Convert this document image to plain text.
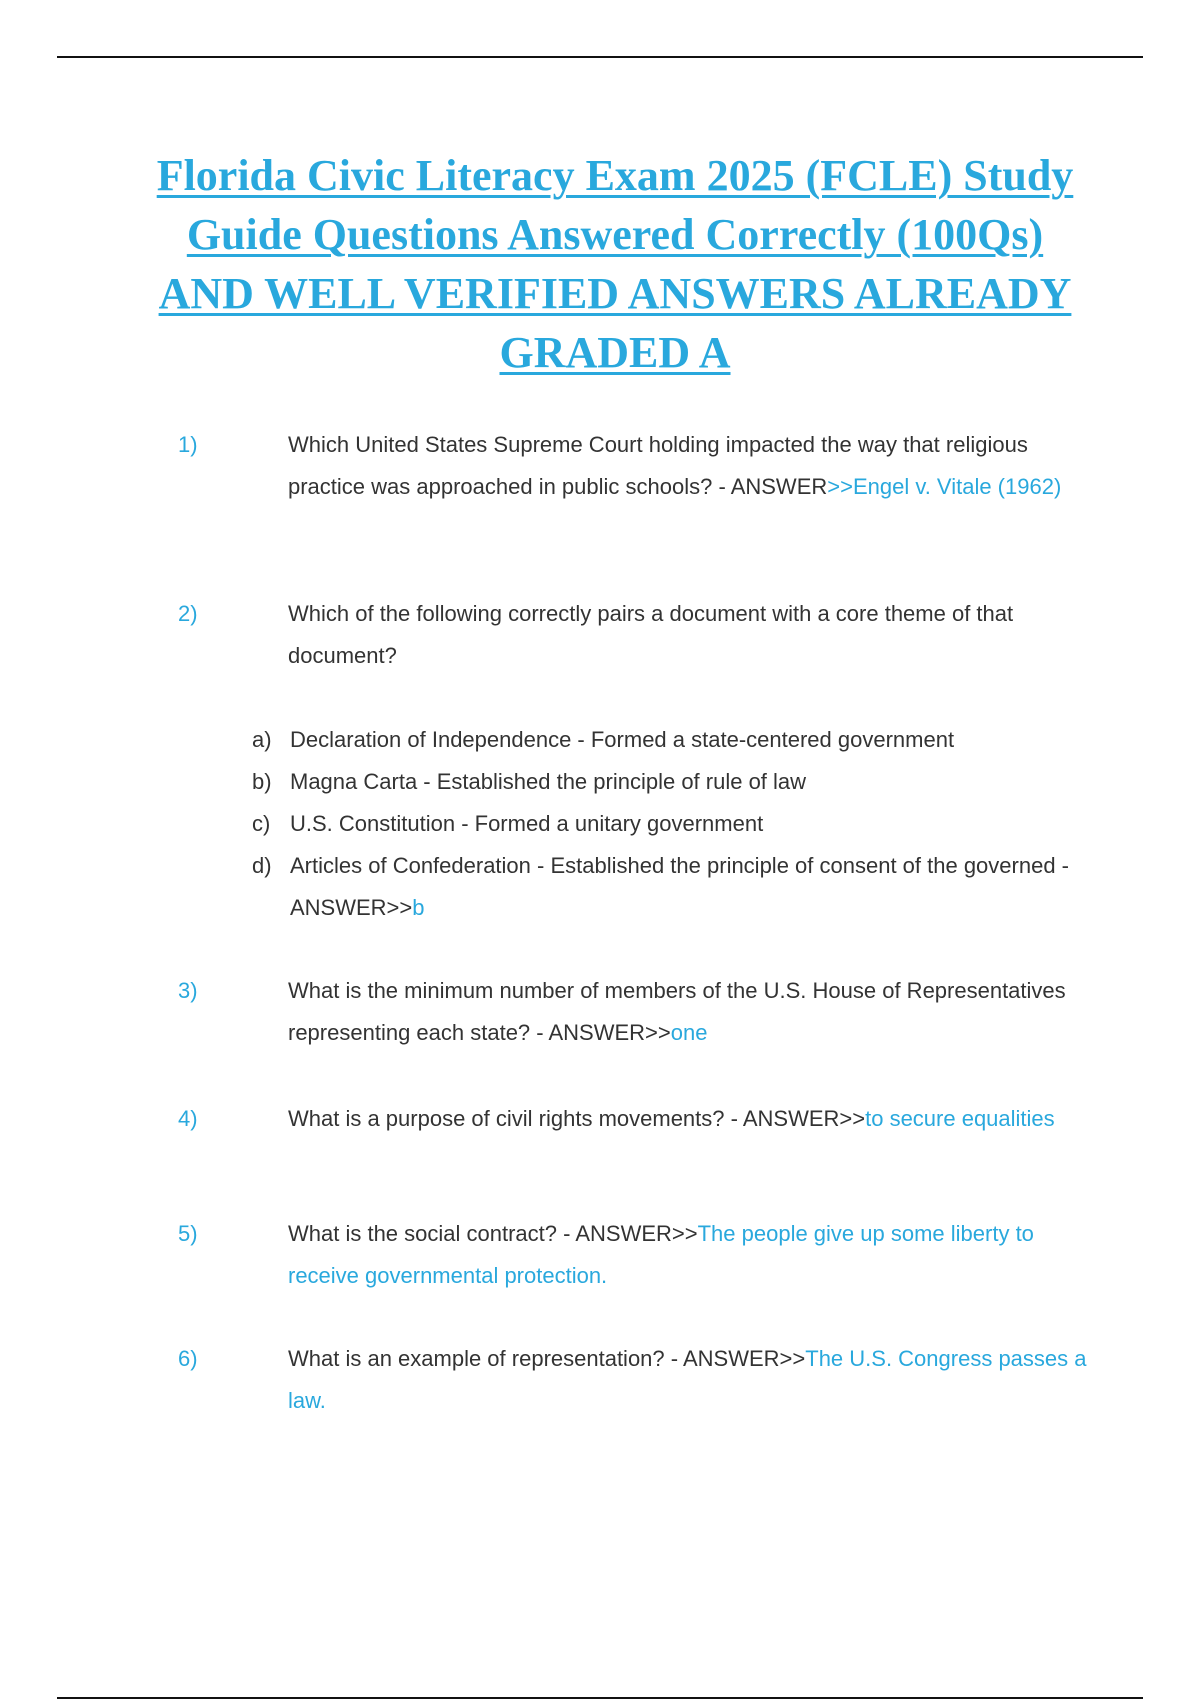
Florida Civic Literacy Exam 2025 (FCLE) Study Guide Questions Answered Correctly (100Qs) AND WELL VERIFIED ANSWERS ALREADY GRADED A
1)	Which United States Supreme Court holding impacted the way that religious practice was approached in public schools? - ANSWER>>Engel v. Vitale (1962)
2)	Which of the following correctly pairs a document with a core theme of that document?
a) Declaration of Independence - Formed a state-centered government
b) Magna Carta - Established the principle of rule of law
c) U.S. Constitution - Formed a unitary government
d) Articles of Confederation - Established the principle of consent of the governed - ANSWER>>b
3)	What is the minimum number of members of the U.S. House of Representatives representing each state? - ANSWER>>one
4)	What is a purpose of civil rights movements? - ANSWER>>to secure equalities
5)	What is the social contract? - ANSWER>>The people give up some liberty to receive governmental protection.
6)	What is an example of representation? - ANSWER>>The U.S. Congress passes a law.
